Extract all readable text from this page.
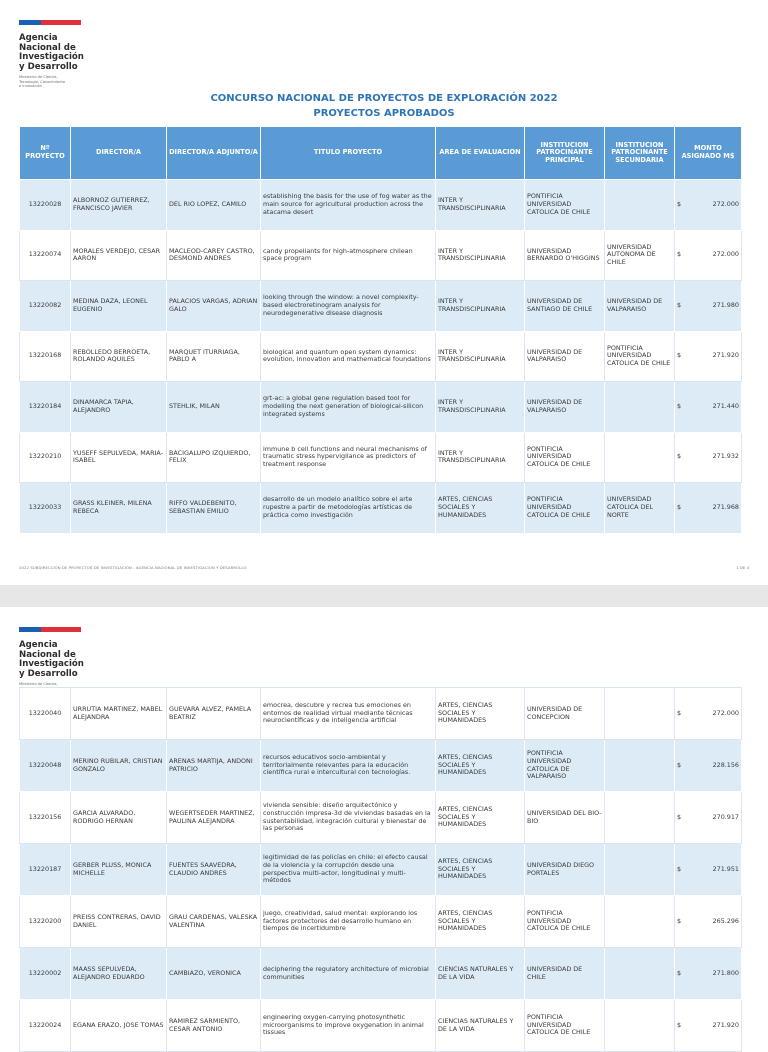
Agencia
Nacional de
Investigación
y Desarrollo
Ministerio de Ciencia,
Tecnología, Conocimiento
e Innovación
CONCURSO NACIONAL DE PROYECTOS DE EXPLORACIÓN 2022
PROYECTOS APROBADOS
Nº PROYECTO	DIRECTOR/A	DIRECTOR/A ADJUNTO/A	TITULO PROYECTO	AREA DE EVALUACION	INSTITUCION PATROCINANTE PRINCIPAL	INSTITUCION PATROCINANTE SECUNDARIA	MONTO ASIGNADO M$
13220028	ALBORNOZ GUTIERREZ, FRANCISCO JAVIER	DEL RIO LOPEZ, CAMILO	establishing the basis for the use of fog water as the main source for agricultural production across the atacama desert	INTER Y TRANSDISCIPLINARIA	PONTIFICIA UNIVERSIDAD CATOLICA DE CHILE		$ 272.000

13220074	MORALES VERDEJO, CESAR AARON	MACLEOD-CAREY CASTRO, DESMOND ANDRES	candy propellants for high-atmosphere chilean space program	INTER Y TRANSDISCIPLINARIA	UNIVERSIDAD BERNARDO O'HIGGINS	UNIVERSIDAD AUTONOMA DE CHILE	$ 272.000

13220082	MEDINA DAZA, LEONEL EUGENIO	PALACIOS VARGAS, ADRIAN GALO	looking through the window: a novel complexity-based electroretinogram analysis for neurodegenerative disease diagnosis	INTER Y TRANSDISCIPLINARIA	UNIVERSIDAD DE SANTIAGO DE CHILE	UNIVERSIDAD DE VALPARAISO	$ 271.980

13220168	REBOLLEDO BERROETA, ROLANDO AQUILES	MARQUET ITURRIAGA, PABLO A	biological and quantum open system dynamics: evolution, innovation and mathematical foundations	INTER Y TRANSDISCIPLINARIA	UNIVERSIDAD DE VALPARAISO	PONTIFICIA UNIVERSIDAD CATOLICA DE CHILE	$ 271.920

13220184	DINAMARCA TAPIA, ALEJANDRO	STEHLIK, MILAN	grt-ac: a global gene regulation based tool for modelling the next generation of biological-silicon integrated systems	INTER Y TRANSDISCIPLINARIA	UNIVERSIDAD DE VALPARAISO		$ 271.440

13220210	YUSEFF SEPULVEDA, MARIA-ISABEL	BACIGALUPO IZQUIERDO, FELIX	immune b cell functions and neural mechanisms of traumatic stress hypervigilance as predictors of treatment response	INTER Y TRANSDISCIPLINARIA	PONTIFICIA UNIVERSIDAD CATOLICA DE CHILE		$ 271.932

13220033	GRASS KLEINER, MILENA REBECA	RIFFO VALDEBENITO, SEBASTIAN EMILIO	desarrollo de un modelo analítico sobre el arte rupestre a partir de metodologías artísticas de práctica como investigación	ARTES, CIENCIAS SOCIALES Y HUMANIDADES	PONTIFICIA UNIVERSIDAD CATOLICA DE CHILE	UNIVERSIDAD CATOLICA DEL NORTE	$ 271.968
2022 SUBDIRECCION DE PROYECTOS DE INVESTIGACION - AGENCIA NACIONAL DE INVESTIGACION Y DESARROLLO	1 DE 4
Agencia
Nacional de
Investigación
y Desarrollo
Ministerio de Ciencia,

13220040	URRUTIA MARTINEZ, MABEL ALEJANDRA	GUEVARA ALVEZ, PAMELA BEATRIZ	emocrea, descubre y recrea tus emociones en entornos de realidad virtual mediante técnicas neurocientíficas y de inteligencia artificial	ARTES, CIENCIAS SOCIALES Y HUMANIDADES	UNIVERSIDAD DE CONCEPCION		$ 272.000

13220048	MERINO RUBILAR, CRISTIAN GONZALO	ARENAS MARTIJA, ANDONI PATRICIO	recursos educativos socio-ambiental y territorialmente relevantes para la educación científica rural e intercultural con tecnologías.	ARTES, CIENCIAS SOCIALES Y HUMANIDADES	PONTIFICIA UNIVERSIDAD CATOLICA DE VALPARAISO		$ 228.156

13220156	GARCIA ALVARADO, RODRIGO HERNAN	WEGERTSEDER MARTINEZ, PAULINA ALEJANDRA	vivienda sensible: diseño arquitectónico y construcción impresa-3d de viviendas basadas en la sustentabilidad, integración cultural y bienestar de las personas	ARTES, CIENCIAS SOCIALES Y HUMANIDADES	UNIVERSIDAD DEL BIO-BIO		$ 270.917

13220187	GERBER PLUSS, MONICA MICHELLE	FUENTES SAAVEDRA, CLAUDIO ANDRES	legitimidad de las policías en chile: el efecto causal de la violencia y la corrupción desde una perspectiva multi-actor, longitudinal y multi-métodos	ARTES, CIENCIAS SOCIALES Y HUMANIDADES	UNIVERSIDAD DIEGO PORTALES		$ 271.951

13220200	PREISS CONTRERAS, DAVID DANIEL	GRAU CARDENAS, VALESKA VALENTINA	juego, creatividad, salud mental: explorando los factores protectores del desarrollo humano en tiempos de incertidumbre	ARTES, CIENCIAS SOCIALES Y HUMANIDADES	PONTIFICIA UNIVERSIDAD CATOLICA DE CHILE		$ 265.296

13220002	MAASS SEPULVEDA, ALEJANDRO EDUARDO	CAMBIAZO, VERONICA	deciphering the regulatory architecture of microbial communities	CIENCIAS NATURALES Y DE LA VIDA	UNIVERSIDAD DE CHILE		$ 271.800

13220024	EGANA ERAZO, JOSE TOMAS	RAMIREZ SARMIENTO, CESAR ANTONIO	engineering oxygen-carrying photosynthetic microorganisms to improve oxygenation in animal tissues	CIENCIAS NATURALES Y DE LA VIDA	PONTIFICIA UNIVERSIDAD CATOLICA DE CHILE		$ 271.920
